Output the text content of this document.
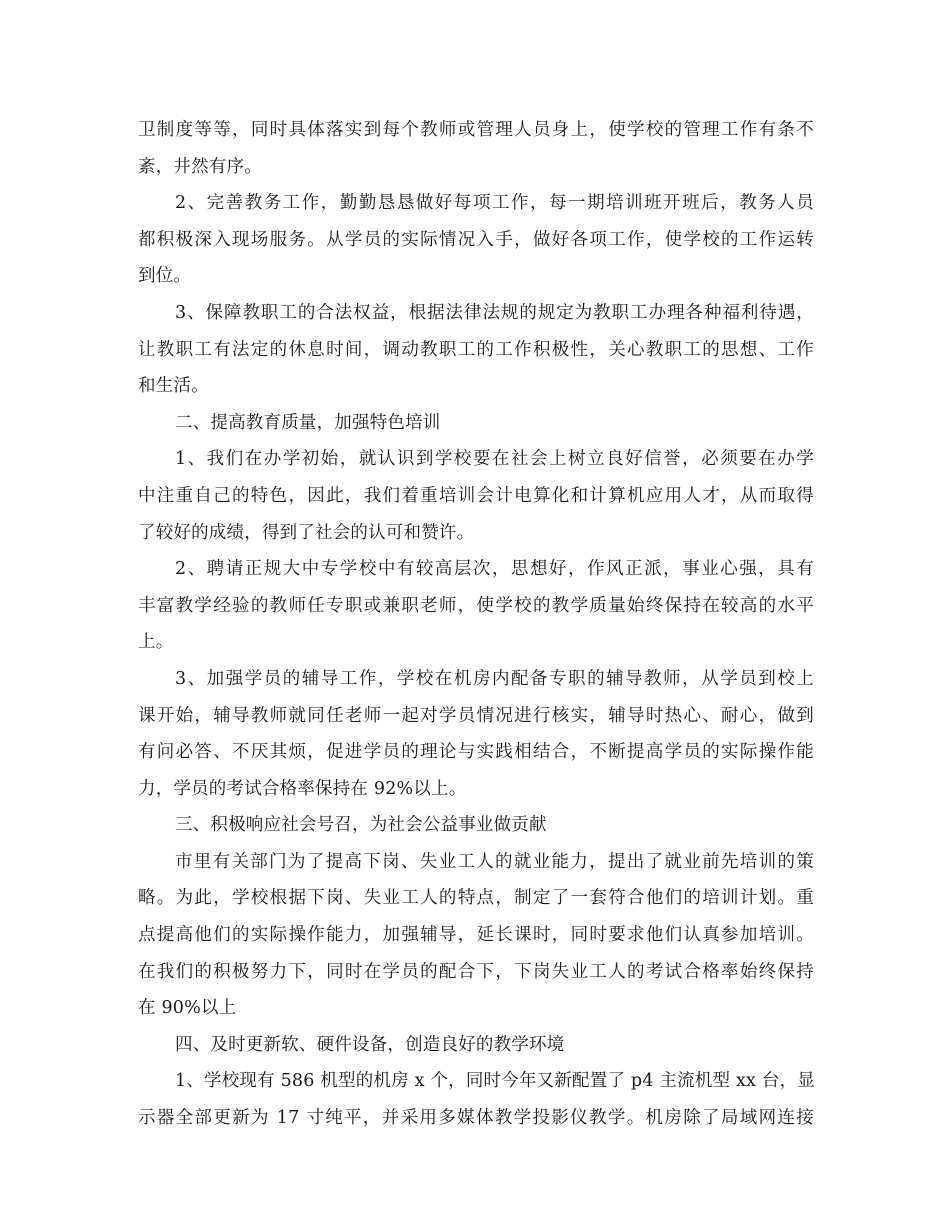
卫制度等等，同时具体落实到每个教师或管理人员身上，使学校的管理工作有条不
紊，井然有序。
2、完善教务工作，勤勤恳恳做好每项工作，每一期培训班开班后，教务人员
都积极深入现场服务。从学员的实际情况入手，做好各项工作，使学校的工作运转
到位。
3、保障教职工的合法权益，根据法律法规的规定为教职工办理各种福利待遇，
让教职工有法定的休息时间，调动教职工的工作积极性，关心教职工的思想、工作
和生活。
二、提高教育质量，加强特色培训
1、我们在办学初始，就认识到学校要在社会上树立良好信誉，必须要在办学
中注重自己的特色，因此，我们着重培训会计电算化和计算机应用人才，从而取得
了较好的成绩，得到了社会的认可和赞许。
2、聘请正规大中专学校中有较高层次，思想好，作风正派，事业心强，具有
丰富教学经验的教师任专职或兼职老师，使学校的教学质量始终保持在较高的水平
上。
3、加强学员的辅导工作，学校在机房内配备专职的辅导教师，从学员到校上
课开始，辅导教师就同任老师一起对学员情况进行核实，辅导时热心、耐心，做到
有问必答、不厌其烦，促进学员的理论与实践相结合，不断提高学员的实际操作能
力，学员的考试合格率保持在 92%以上。
三、积极响应社会号召，为社会公益事业做贡献
市里有关部门为了提高下岗、失业工人的就业能力，提出了就业前先培训的策
略。为此，学校根据下岗、失业工人的特点，制定了一套符合他们的培训计划。重
点提高他们的实际操作能力，加强辅导，延长课时，同时要求他们认真参加培训。
在我们的积极努力下，同时在学员的配合下，下岗失业工人的考试合格率始终保持
在 90%以上
四、及时更新软、硬件设备，创造良好的教学环境
1、学校现有 586 机型的机房 x 个，同时今年又新配置了 p4 主流机型 xx 台，显
示器全部更新为 17 寸纯平，并采用多媒体教学投影仪教学。机房除了局域网连接
